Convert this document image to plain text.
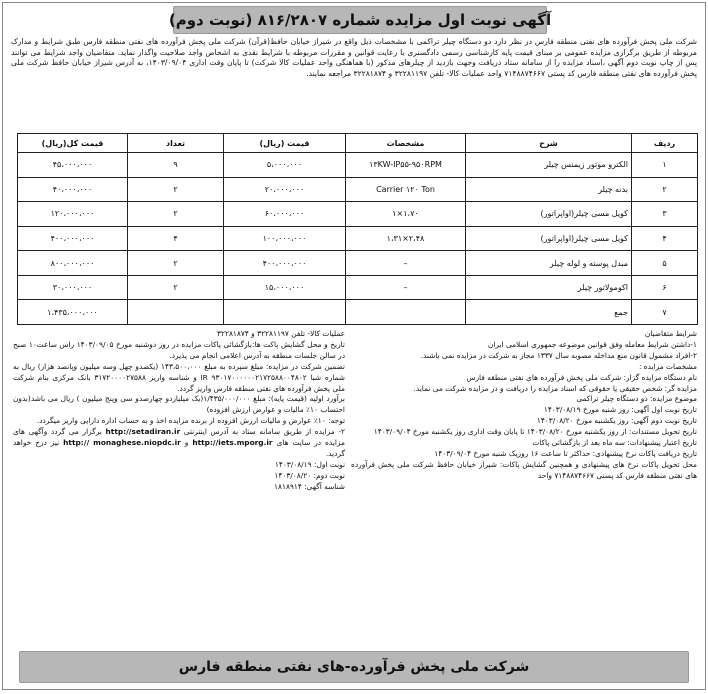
آگهی نوبت اول مزایده شماره ۸۱۶/۲۸۰۷ (نوبت دوم)
شرکت ملی پخش فرآورده های نفتی منطقه فارس در نظر دارد دو دستگاه چیلر تراکمی با مشخصات ذیل واقع در شیراز خیابان حافظ(قرآن) شرکت ملی پخش فرآورده های نفتی منطقه فارس طبق شرایط و مدارک مربوطه از طریق برگزاری مزایده عمومی بر مبنای قیمت پایه کارشناسی رسمی دادگستری با رعایت قوانین و مقررات مربوطه با شرایط نقدی به اشخاص واجد صلاحیت واگذار نماید. متقاضیان واجد شرایط می توانند پس از چاپ نوبت دوم آگهی ،اسناد مزایده را از سامانه ستاد دریافت وجهت بازدید از چیلرهای مذکور (با هماهنگی واحد عملیات کالا شرکت) تا پایان وقت اداری ۱۴۰۳/۰۹/۰۴، به آدرس شیراز خیابان حافظ شرکت ملی پخش فرآورده های نفتی منطقه فارس کد پستی ۷۱۴۸۸۷۴۶۶۷ واحد عملیات کالا- تلفن ۳۲۲۸۱۱۹۷ و ۳۲۲۸۱۸۷۴ مراجعه نمایند.
ردیف	شرح	مشخصات	قیمت (ریال)	تعداد	قیمت کل(ریال)
۱	الکترو موتور زیمنس چیلر	۱۳KW-IP۵۵-۹۵۰RPM	۵،۰۰۰،۰۰۰	۹	۴۵،۰۰۰،۰۰۰
۲	بدنه چیلر	Carrier ۱۲۰ Ton	۲۰،۰۰۰،۰۰۰	۲	۴۰،۰۰۰،۰۰۰
۳	کویل مسی چیلر(اواپراتور)	۱،۷۰×۱	۶۰،۰۰۰،۰۰۰	۲	۱۲۰،۰۰۰،۰۰۰
۴	کویل مسی چیلر(اواپراتور)	۲،۴۸×۱،۳۱	۱۰۰،۰۰۰،۰۰۰	۴	۴۰۰،۰۰۰،۰۰۰
۵	مبدل پوسته و لوله چیلر	–	۴۰۰،۰۰۰،۰۰۰	۲	۸۰۰،۰۰۰،۰۰۰
۶	اکومولاتور چیلر	–	۱۵،۰۰۰،۰۰۰	۲	۳۰،۰۰۰،۰۰۰
۷	جمع				۱،۴۳۵،۰۰۰،۰۰۰

شرایط متقاضیان

۱-داشتن شرایط معامله وفق قوانین موضوعه جمهوری اسلامی ایران

۲-افراد مشمول قانون منع مداخله مصوبه سال ۱۳۳۷ مجاز به شرکت در مزایده نمی باشند.

مشخصات مزایده :

نام دستگاه مزایده گزار: شرکت ملی پخش فرآورده های نفتی منطقه فارس

مزایده گر: شخص حقیقی یا حقوقی که اسناد مزایده را دریافت و در مزایده شرکت می نماید.

موضوع مزایده: دو دستگاه چیلر تراکمی

تاریخ نوبت اول آگهی: روز شنبه مورخ ۱۴۰۳/۰۸/۱۹

تاریخ نوبت دوم آگهی: روز یکشنبه مورخ ۱۴۰۳/۰۸/۲۰

تاریخ تحویل مستندات: از روز یکشنبه مورخ ۱۴۰۳/۰۸/۲۰ تا پایان وقت اداری روز یکشنبه مورخ ۱۴۰۳/۰۹/۰۴

تاریخ اعتبار پیشنهادات: سه ماه بعد از بازگشائی پاکات

تاریخ دریافت پاکات نرخ پیشنهادی: حداکثر تا ساعت ۱۶ روزیک شنبه مورخ ۱۴۰۳/۰۹/۰۴

محل تحویل پاکات نرخ های پیشنهادی و همچنین گشایش پاکات: شیراز خیابان حافظ شرکت ملی پخش فرآورده های نفتی منطقه فارس کد پستی ۷۱۴۸۸۷۴۶۶۷ واحد

عملیات کالا- تلفن ۳۲۲۸۱۱۹۷ و ۳۲۲۸۱۸۷۴

تاریخ و محل گشایش پاکت ها:بازگشائی پاکات مزایده در روز دوشنبه مورخ ۱۴۰۳/۰۹/۰۵ راس ساعت۱۰ صبح در سالن جلسات منطقه به آدرس اعلامی انجام می پذیرد.

تضمین شرکت در مزایده: مبلغ سپرده به مبلغ ۱۴۳،۵۰۰،۰۰۰ (یکصدو چهل وسه میلیون وپانصد هزار) ریال به شماره شبا IR ۹۳۰۱۷۰۰۰۰۰۰۲۱۷۲۵۸۸۰۰۴۸۰۲ و شناسه واریز ۳۱۷۲۰۰۰۰۲۷۵۸۸ بانک مرکزی بنام شرکت ملی پخش فرآورده های نفتی منطقه فارس واریز گردد.

برآورد اولیه (قیمت پایه): مبلغ ۱/۴۳۵/۰۰۰/۰۰۰(یک میلیاردو چهارصدو سی وپنج میلیون ) ریال می باشد(بدون احتساب ۱۰٪ مالیات و عوارض ارزش افزوده)

توجه: ۱۰٪ عوارض و مالیات ارزش افزوده از برنده مزایده اخذ و به حساب اداره دارایی واریز میگردد.

۲- مزایده از طریق سامانه ستاد به آدرس اینترنتی http://setadiran.ir برگزار می گردد وآگهی های مزایده در سایت های http://iets.mporg.ir و http:// monaghese.niopdc.ir نیز درج خواهد گردید.

نوبت اول: ۱۴۰۳/۰۸/۱۹

نوبت دوم: ۱۴۰۳/۰۸/۲۰

شناسه آگهی: ۱۸۱۸۹۱۴

شرکت ملی پخش فرآورده-های نفتی منطقه فارس
